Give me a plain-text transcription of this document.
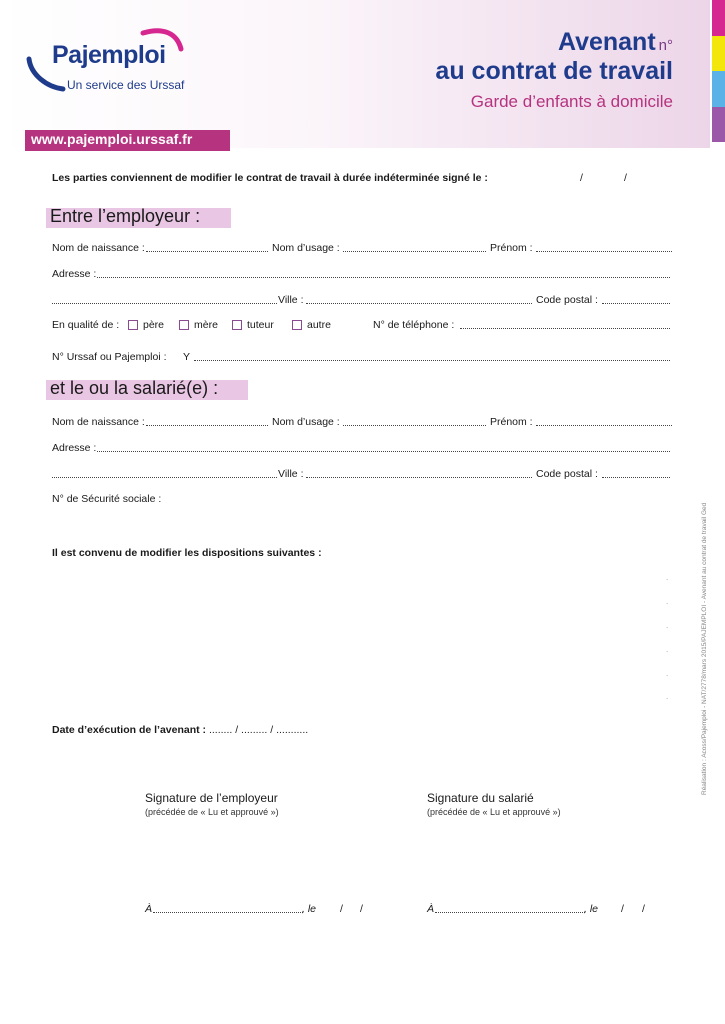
Pajemploi
Un service des Urssaf
Avenant n°
au contrat de travail
Garde d’enfants à domicile
www.pajemploi.urssaf.fr
Les parties conviennent de modifier le contrat de travail à durée indéterminée signé le :	/	/
Entre l’employeur :
Nom de naissance :	Nom d’usage :	Prénom :
Adresse :
Ville :	Code postal :
En qualité de : père	mère	tuteur	autre	N° de téléphone :
N° Urssaf ou Pajemploi : Y
et le ou la salarié(e) :
Nom de naissance :	Nom d’usage :	Prénom :
Adresse :
Ville :	Code postal :
N° de Sécurité sociale :
Il est convenu de modifier les dispositions suivantes :
.
.
.
.
.
.
Date d’exécution de l’avenant : ........ / ......... / ...........
Signature de l’employeur
(précédée de « Lu et approuvé »)
Signature du salarié
(précédée de « Lu et approuvé »)
À	, le / /	À	, le / /
Réalisation : Acoss/Pajemploi - NAT/2778/mars 2015/PAJEMPLOI - Avenant au contrat de travail Ged
